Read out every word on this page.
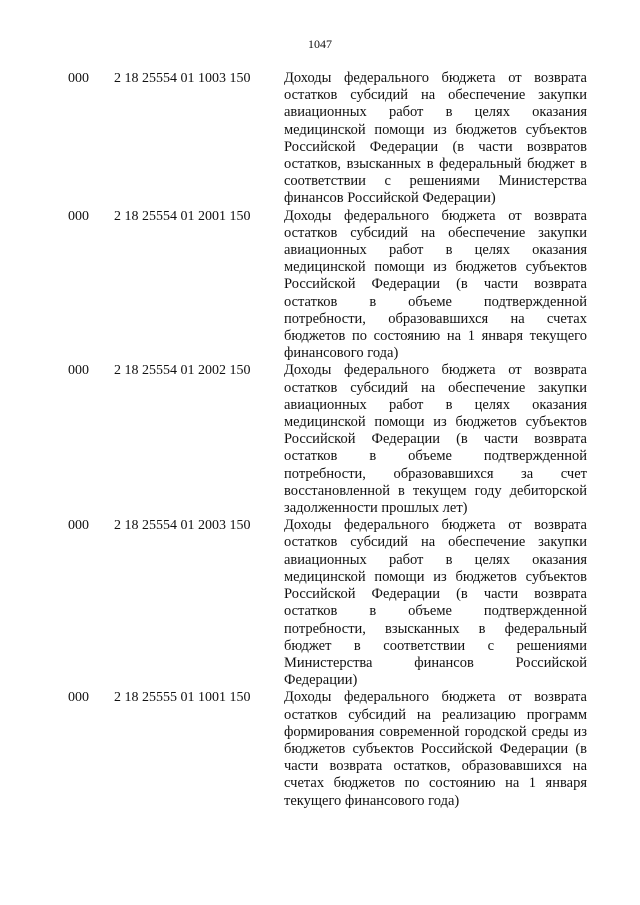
1047
000	2 18 25554 01 1003 150	Доходы федерального бюджета от возврата остатков субсидий на обеспечение закупки авиационных работ в целях оказания медицинской помощи из бюджетов субъектов Российской Федерации (в части возвратов остатков, взысканных в федеральный бюджет в соответствии с решениями Министерства финансов Российской Федерации)
000	2 18 25554 01 2001 150	Доходы федерального бюджета от возврата остатков субсидий на обеспечение закупки авиационных работ в целях оказания медицинской помощи из бюджетов субъектов Российской Федерации (в части возврата остатков в объеме подтвержденной потребности, образовавшихся на счетах бюджетов по состоянию на 1 января текущего финансового года)
000	2 18 25554 01 2002 150	Доходы федерального бюджета от возврата остатков субсидий на обеспечение закупки авиационных работ в целях оказания медицинской помощи из бюджетов субъектов Российской Федерации (в части возврата остатков в объеме подтвержденной потребности, образовавшихся за счет восстановленной в текущем году дебиторской задолженности прошлых лет)
000	2 18 25554 01 2003 150	Доходы федерального бюджета от возврата остатков субсидий на обеспечение закупки авиационных работ в целях оказания медицинской помощи из бюджетов субъектов Российской Федерации (в части возврата остатков в объеме подтвержденной потребности, взысканных в федеральный бюджет в соответствии с решениями Министерства финансов Российской Федерации)
000	2 18 25555 01 1001 150	Доходы федерального бюджета от возврата остатков субсидий на реализацию программ формирования современной городской среды из бюджетов субъектов Российской Федерации (в части возврата остатков, образовавшихся на счетах бюджетов по состоянию на 1 января текущего финансового года)
